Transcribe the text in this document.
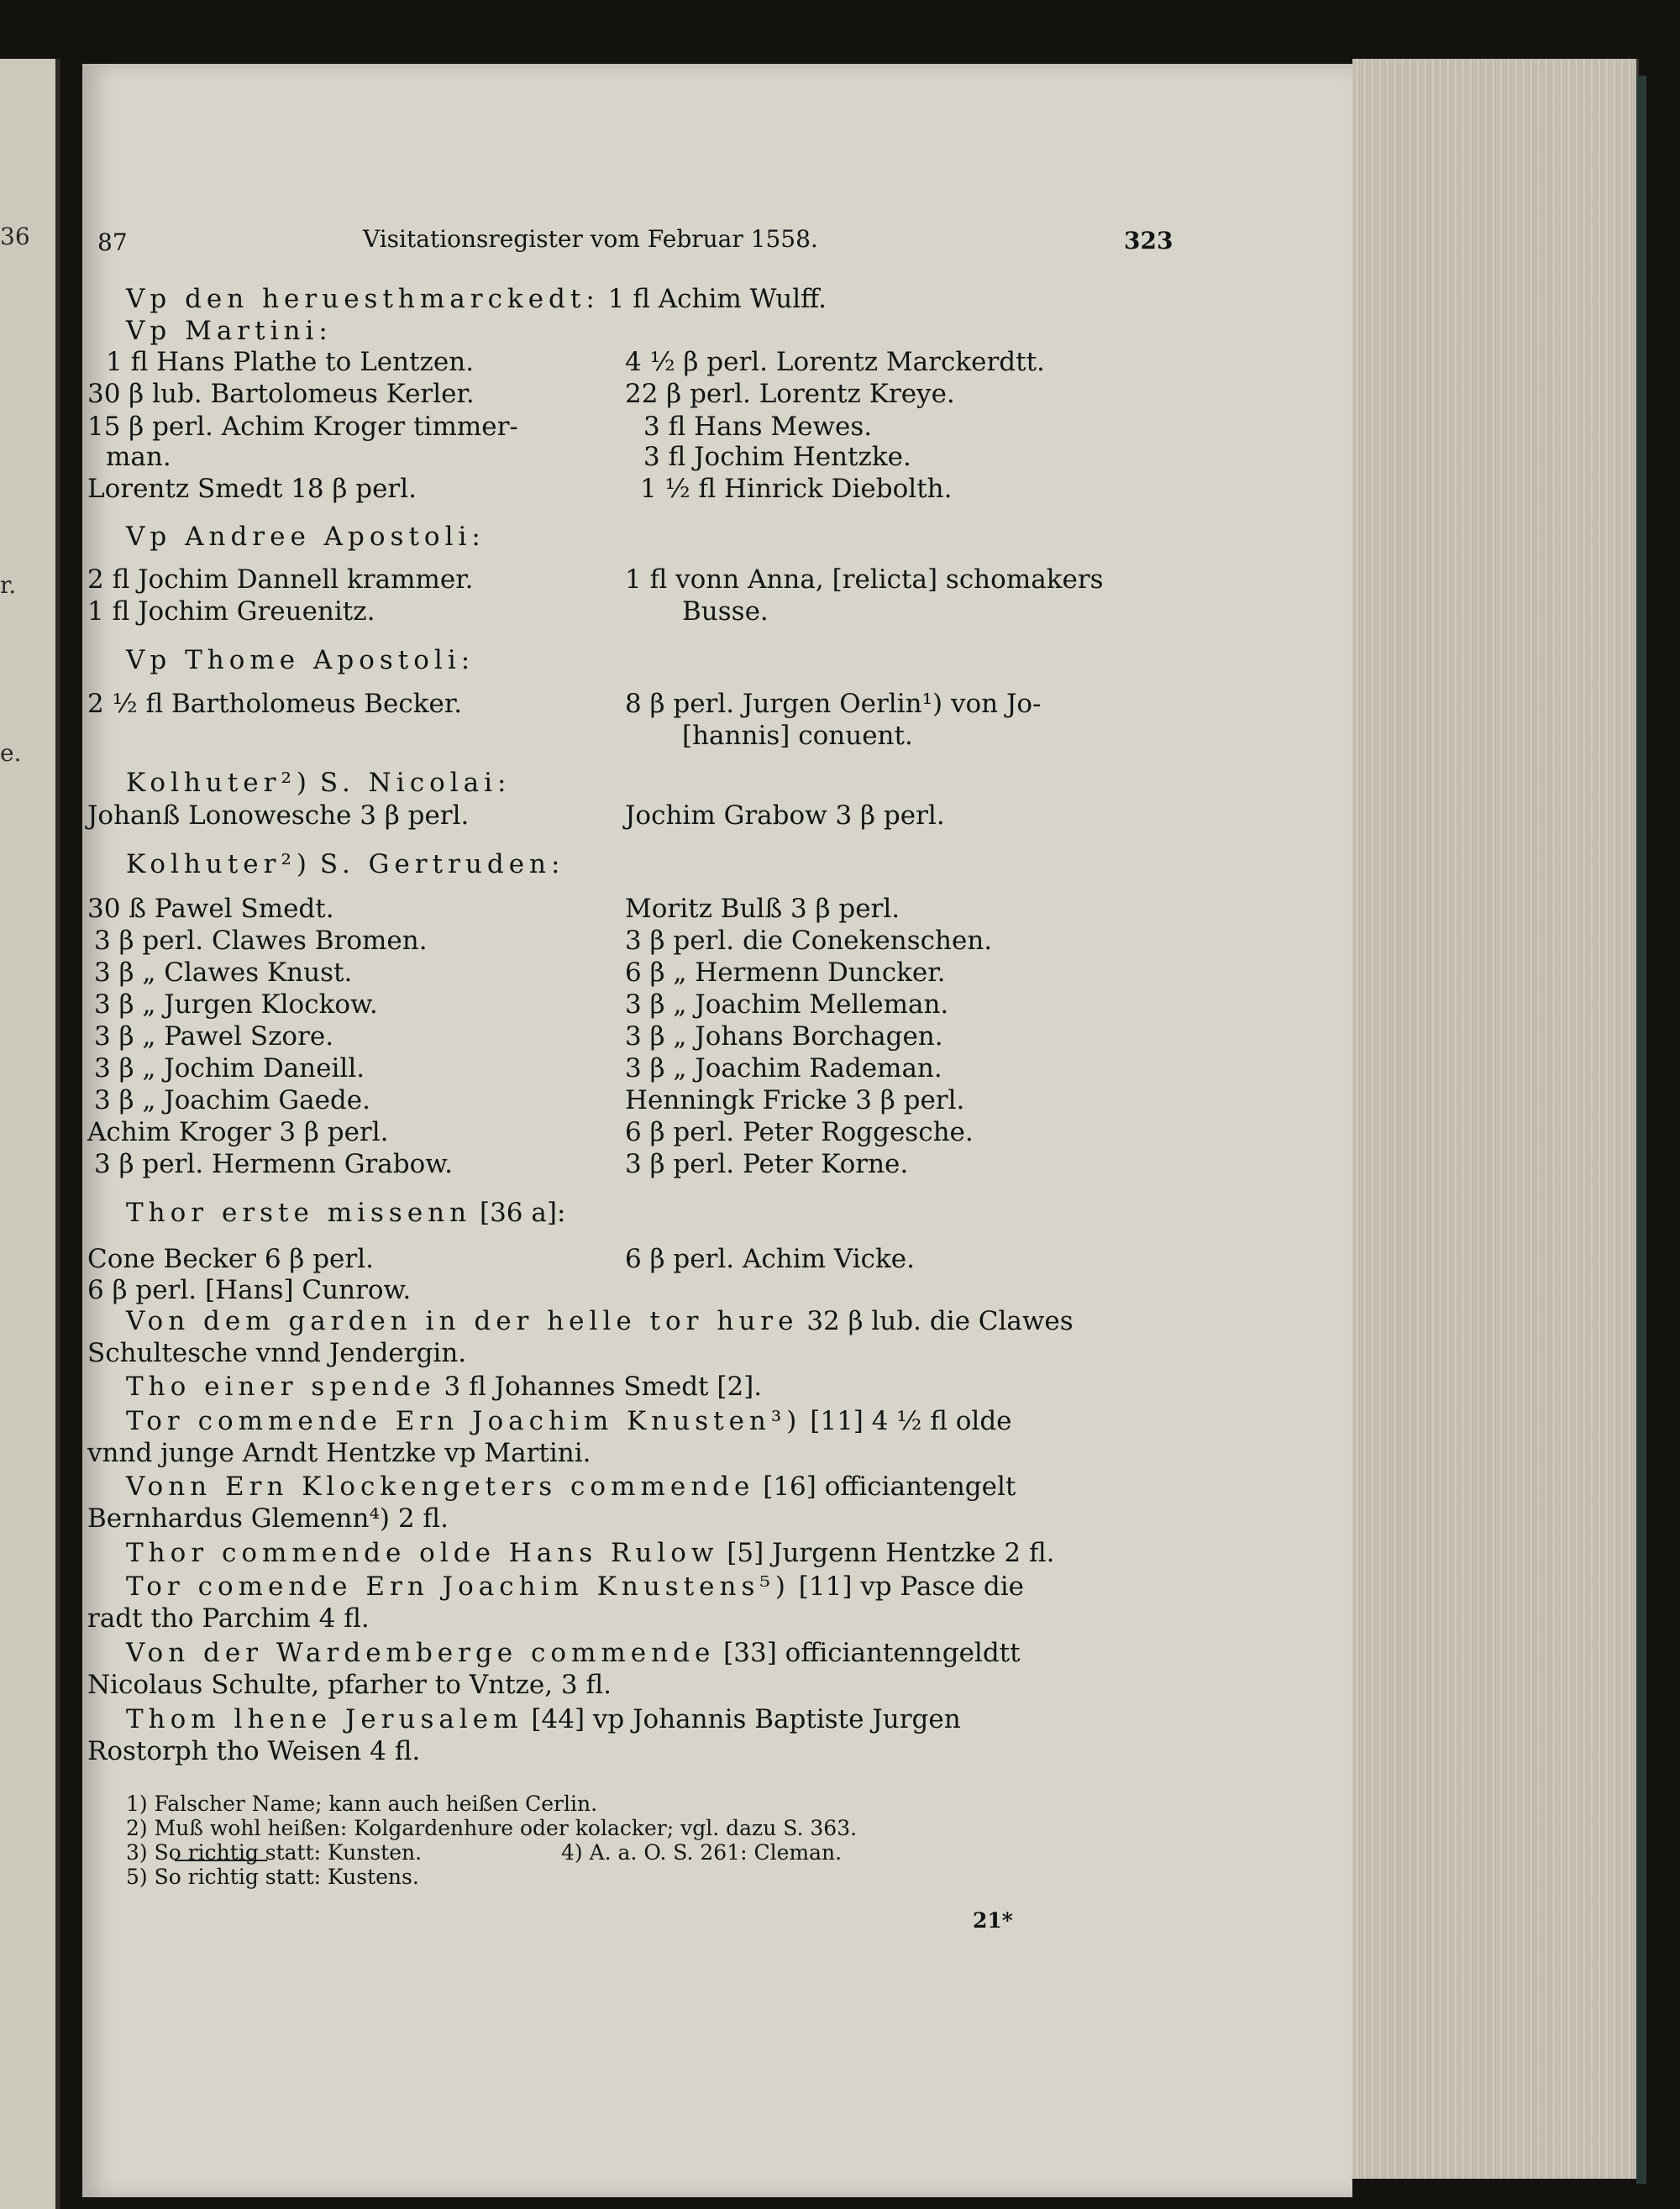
36
r.
e.
87	Visitationsregister vom Februar 1558.	323
Vp den heruesthmarckedt: 1 fl Achim Wulff.
Vp Martini:
1 fl Hans Plathe to Lentzen.	4 ½ β perl. Lorentz Marckerdtt.
30 β lub. Bartolomeus Kerler.	22 β perl. Lorentz Kreye.
15 β perl. Achim Kroger timmer-	3 fl Hans Mewes.
man.	3 fl Jochim Hentzke.
Lorentz Smedt 18 β perl.	1 ½ fl Hinrick Diebolth.
Vp Andree Apostoli:
2 fl Jochim Dannell krammer.	1 fl vonn Anna, [relicta] schomakers
1 fl Jochim Greuenitz.	Busse.
Vp Thome Apostoli:
2 ½ fl Bartholomeus Becker.	8 β perl. Jurgen Oerlin¹) von Jo-
[hannis] conuent.
Kolhuter²) S. Nicolai:
Johanß Lonowesche 3 β perl.	Jochim Grabow 3 β perl.
Kolhuter²) S. Gertruden:
30 ß Pawel Smedt.	Moritz Bulß 3 β perl.
3 β perl. Clawes Bromen.	3 β perl. die Conekenschen.
3 β „ Clawes Knust.	6 β „ Hermenn Duncker.
3 β „ Jurgen Klockow.	3 β „ Joachim Melleman.
3 β „ Pawel Szore.	3 β „ Johans Borchagen.
3 β „ Jochim Daneill.	3 β „ Joachim Rademan.
3 β „ Joachim Gaede.	Henningk Fricke 3 β perl.
Achim Kroger 3 β perl.	6 β perl. Peter Roggesche.
3 β perl. Hermenn Grabow.	3 β perl. Peter Korne.
Thor erste missenn [36 a]:
Cone Becker 6 β perl.	6 β perl. Achim Vicke.
6 β perl. [Hans] Cunrow.
Von dem garden in der helle tor hure 32 β lub. die Clawes
Schultesche vnnd Jendergin.
Tho einer spende 3 fl Johannes Smedt [2].
Tor commende Ern Joachim Knusten³) [11] 4 ½ fl olde
vnnd junge Arndt Hentzke vp Martini.
Vonn Ern Klockengeters commende [16] officiantengelt
Bernhardus Glemenn⁴) 2 fl.
Thor commende olde Hans Rulow [5] Jurgenn Hentzke 2 fl.
Tor comende Ern Joachim Knustens⁵) [11] vp Pasce die
radt tho Parchim 4 fl.
Von der Wardemberge commende [33] officiantenngeldtt
Nicolaus Schulte, pfarher to Vntze, 3 fl.
Thom lhene Jerusalem [44] vp Johannis Baptiste Jurgen
Rostorph tho Weisen 4 fl.
1) Falscher Name; kann auch heißen Cerlin.
2) Muß wohl heißen: Kolgardenhure oder kolacker; vgl. dazu S. 363.
3) So richtig statt: Kunsten.	4) A. a. O. S. 261: Cleman.
5) So richtig statt: Kustens.
21*
